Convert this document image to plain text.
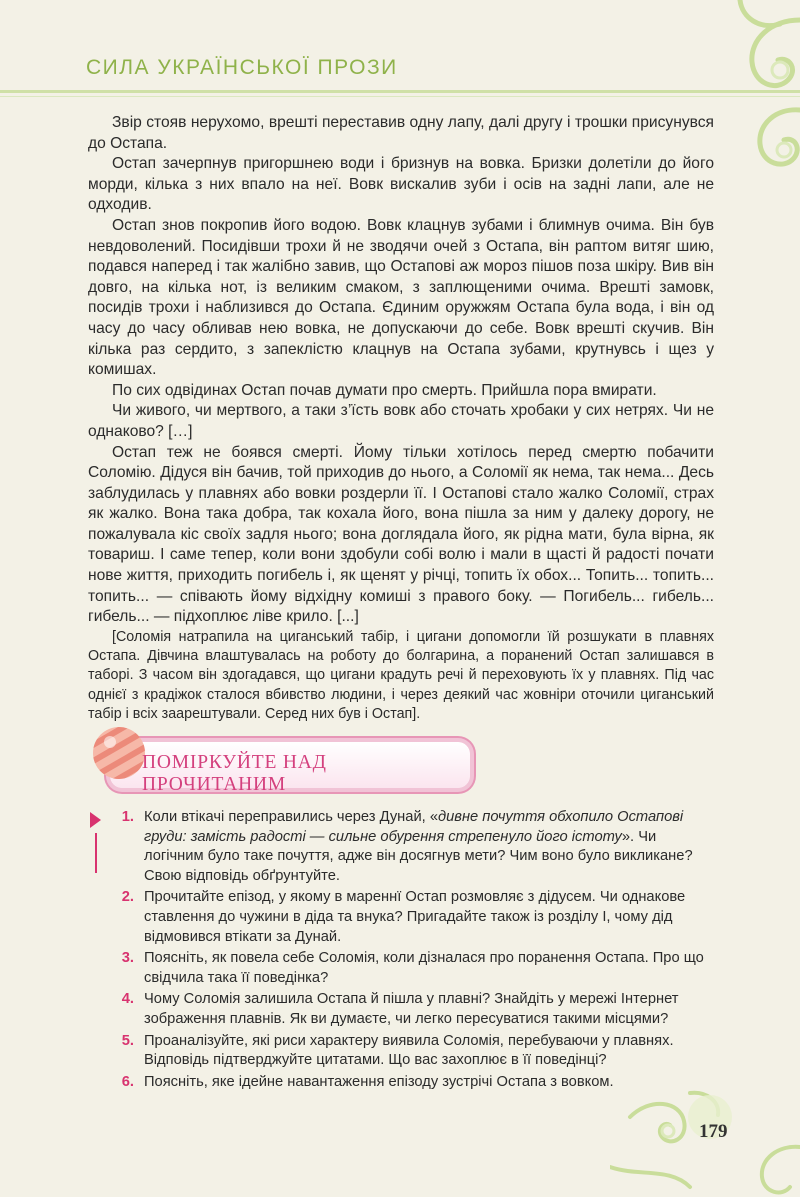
СИЛА УКРАЇНСЬКОЇ ПРОЗИ

Звір стояв нерухомо, врешті переставив одну лапу, далі другу і трошки присунувся до Остапа.

Остап зачерпнув пригоршнею води і бризнув на вовка. Бризки долетіли до його морди, кілька з них впало на неї. Вовк вискалив зуби і осів на задні лапи, але не одходив.

Остап знов покропив його водою. Вовк клацнув зубами і блимнув очима. Він був невдоволений. Посидівши трохи й не зводячи очей з Остапа, він раптом витяг шию, подався наперед і так жалібно завив, що Остапові аж мороз пішов поза шкіру. Вив він довго, на кілька нот, із великим смаком, з заплющеними очима. Врешті замовк, посидів трохи і наблизився до Остапа. Єдиним оружжям Остапа була вода, і він од часу до часу обливав нею вовка, не допускаючи до себе. Вовк врешті скучив. Він кілька раз сердито, з запеклістю клацнув на Остапа зубами, крутнувсь і щез у комишах.

По сих одвідинах Остап почав думати про смерть. Прийшла пора вмирати.

Чи живого, чи мертвого, а таки з’їсть вовк або сточать хробаки у сих нетрях. Чи не однаково? […]

Остап теж не боявся смерті. Йому тільки хотілось перед смертю побачити Соломію. Дідуся він бачив, той приходив до нього, а Соломії як нема, так нема... Десь заблудилась у плавнях або вовки роздерли її. І Остапові стало жалко Соломії, страх як жалко. Вона така добра, так кохала його, вона пішла за ним у далеку дорогу, не пожалувала кіс своїх задля нього; вона доглядала його, як рідна мати, була вірна, як товариш. І саме тепер, коли вони здобули собі волю і мали в щасті й радості почати нове життя, приходить погибель і, як щенят у річці, топить їх обох... Топить... топить... топить... — співають йому відхідну комиші з правого боку. — Погибель... гибель... гибель... — підхоплює ліве крило. [...]

[Соломія натрапила на циганський табір, і цигани допомогли їй розшукати в плавнях Остапа. Дівчина влаштувалась на роботу до болгарина, а поранений Остап залишався в таборі. З часом він здогадався, що цигани крадуть речі й переховують їх у плавнях. Під час однієї з крадіжок сталося вбивство людини, і через деякий час жовніри оточили циганський табір і всіх заарештували. Серед них був і Остап].

ПОМІРКУЙТЕ НАД ПРОЧИТАНИМ
1. Коли втікачі переправились через Дунай, «дивне почуття обхопило Остапові груди: замість радості — сильне обурення стрепенуло його істоту». Чи логічним було таке почуття, адже він досягнув мети? Чим воно було викликане? Свою відповідь обґрунтуйте.
2. Прочитайте епізод, у якому в мареннї Остап розмовляє з дідусем. Чи однакове ставлення до чужини в діда та внука? Пригадайте також із розділу І, чому дід відмовився втікати за Дунай.
3. Поясніть, як повела себе Соломія, коли дізналася про поранення Остапа. Про що свідчила така її поведінка?
4. Чому Соломія залишила Остапа й пішла у плавні? Знайдіть у мережі Інтернет зображення плавнів. Як ви думаєте, чи легко пересуватися такими місцями?
5. Проаналізуйте, які риси характеру виявила Соломія, перебуваючи у плавнях. Відповідь підтверджуйте цитатами. Що вас захоплює в її поведінці?
6. Поясніть, яке ідейне навантаження епізоду зустрічі Остапа з вовком.
179
